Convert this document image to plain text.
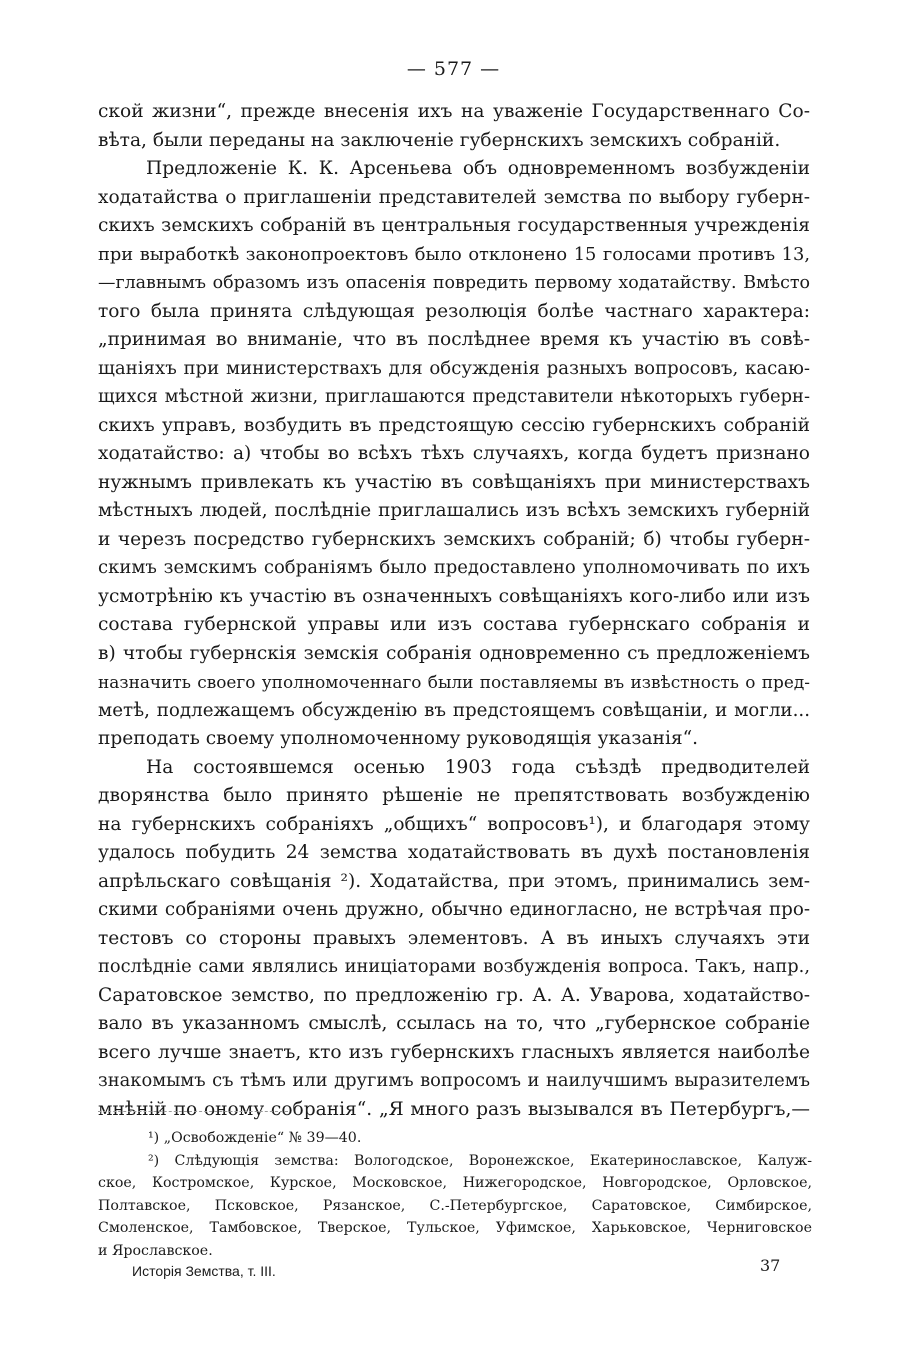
— 577 —
ской жизни“, прежде внесенія ихъ на уваженіе Государственнаго Со-
вѣта, были переданы на заключеніе губернскихъ земскихъ собраній.
Предложеніе К. К. Арсеньева объ одновременномъ возбужденіи
ходатайства о приглашеніи представителей земства по выбору губерн-
скихъ земскихъ собраній въ центральныя государственныя учрежденія
при выработкѣ законопроектовъ было отклонено 15 голосами противъ 13,
—главнымъ образомъ изъ опасенія повредить первому ходатайству. Вмѣсто
того была принята слѣдующая резолюція болѣе частнаго характера:
„принимая во вниманіе, что въ послѣднее время къ участію въ совѣ-
щаніяхъ при министерствахъ для обсужденія разныхъ вопросовъ, касаю-
щихся мѣстной жизни, приглашаются представители нѣкоторыхъ губерн-
скихъ управъ, возбудить въ предстоящую сессію губернскихъ собраній
ходатайство: а) чтобы во всѣхъ тѣхъ случаяхъ, когда будетъ признано
нужнымъ привлекать къ участію въ совѣщаніяхъ при министерствахъ
мѣстныхъ людей, послѣдніе приглашались изъ всѣхъ земскихъ губерній
и черезъ посредство губернскихъ земскихъ собраній; б) чтобы губерн-
скимъ земскимъ собраніямъ было предоставлено уполномочивать по ихъ
усмотрѣнію къ участію въ означенныхъ совѣщаніяхъ кого-либо или изъ
состава губернской управы или изъ состава губернскаго собранія и
в) чтобы губернскія земскія собранія одновременно съ предложеніемъ
назначить своего уполномоченнаго были поставляемы въ извѣстность о пред-
метѣ, подлежащемъ обсужденію въ предстоящемъ совѣщаніи, и могли...
преподать своему уполномоченному руководящія указанія“.
На состоявшемся осенью 1903 года съѣздѣ предводителей
дворянства было принято рѣшеніе не препятствовать возбужденію
на губернскихъ собраніяхъ „общихъ“ вопросовъ¹), и благодаря этому
удалось побудить 24 земства ходатайствовать въ духѣ постановленія
апрѣльскаго совѣщанія ²). Ходатайства, при этомъ, принимались зем-
скими собраніями очень дружно, обычно единогласно, не встрѣчая про-
тестовъ со стороны правыхъ элементовъ. А въ иныхъ случаяхъ эти
послѣдніе сами являлись иниціаторами возбужденія вопроса. Такъ, напр.,
Саратовское земство, по предложенію гр. А. А. Уварова, ходатайство-
вало въ указанномъ смыслѣ, ссылась на то, что „губернское собраніе
всего лучше знаетъ, кто изъ губернскихъ гласныхъ является наиболѣе
знакомымъ съ тѣмъ или другимъ вопросомъ и наилучшимъ выразителемъ
мнѣній по оному собранія“. „Я много разъ вызывался въ Петербургъ,—
¹) „Освобожденіе“ № 39—40.
²) Слѣдующія земства: Вологодское, Воронежское, Екатеринославское, Калуж-
ское, Костромское, Курское, Московское, Нижегородское, Новгородское, Орловское,
Полтавское, Псковское, Рязанское, С.-Петербургское, Саратовское, Симбирское,
Смоленское, Тамбовское, Тверское, Тульское, Уфимское, Харьковское, Черниговское
и Ярославское.
Исторія Земства, т. III.	37
